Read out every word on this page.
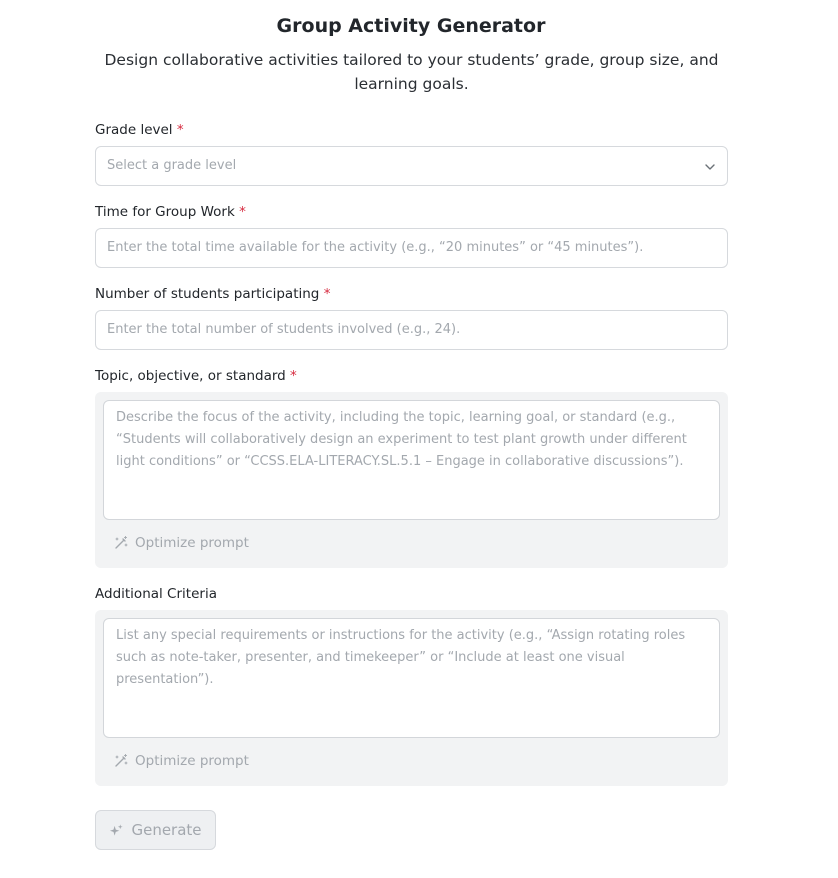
Group Activity Generator
Design collaborative activities tailored to your students’ grade, group size, and learning goals.
Grade level *
Select a grade level
Time for Group Work *
Enter the total time available for the activity (e.g., “20 minutes” or “45 minutes”).
Number of students participating *
Enter the total number of students involved (e.g., 24).
Topic, objective, or standard *
Describe the focus of the activity, including the topic, learning goal, or standard (e.g., “Students will collaboratively design an experiment to test plant growth under different light conditions” or “CCSS.ELA-LITERACY.SL.5.1 – Engage in collaborative discussions”).
Optimize prompt
Additional Criteria
List any special requirements or instructions for the activity (e.g., “Assign rotating roles such as note-taker, presenter, and timekeeper” or “Include at least one visual presentation”).
Optimize prompt
Generate
